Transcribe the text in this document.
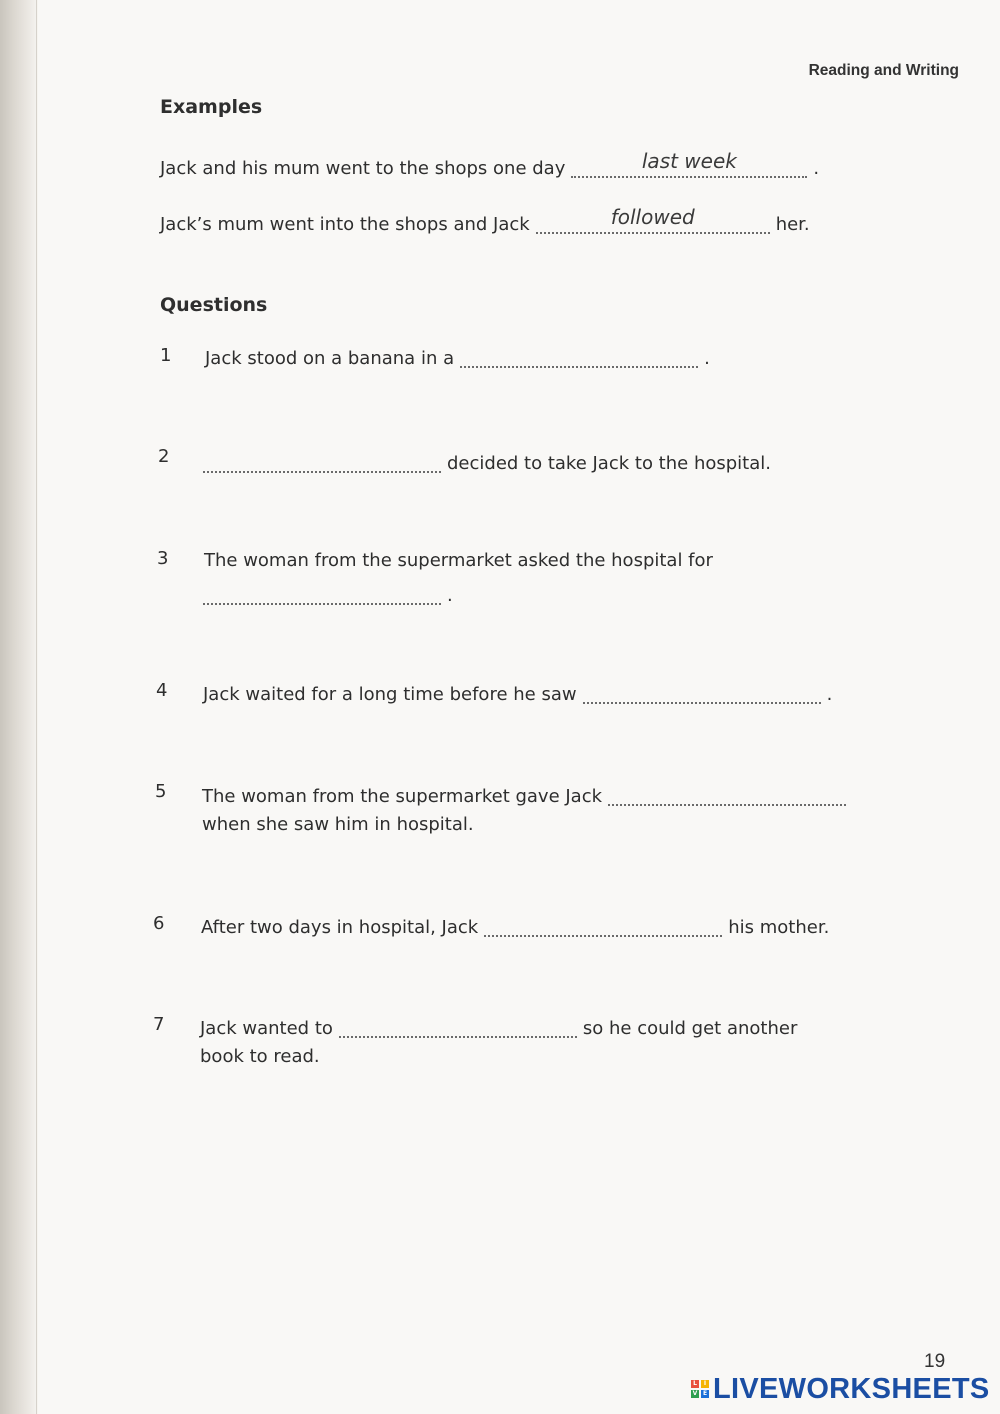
Reading and Writing
Examples
Jack and his mum went to the shops one day	last week	.
Jack’s mum went into the shops and Jack	followed	her.
Questions
1 Jack stood on a banana in a	.
2	decided to take Jack to the hospital.
3 The woman from the supermarket asked the hospital for
.
4 Jack waited for a long time before he saw	.
5 The woman from the supermarket gave Jack
when she saw him in hospital.
6 After two days in hospital, Jack	his mother.
7 Jack wanted to	so he could get another
book to read.
19
L	I
V E LIVEWORKSHEETS
